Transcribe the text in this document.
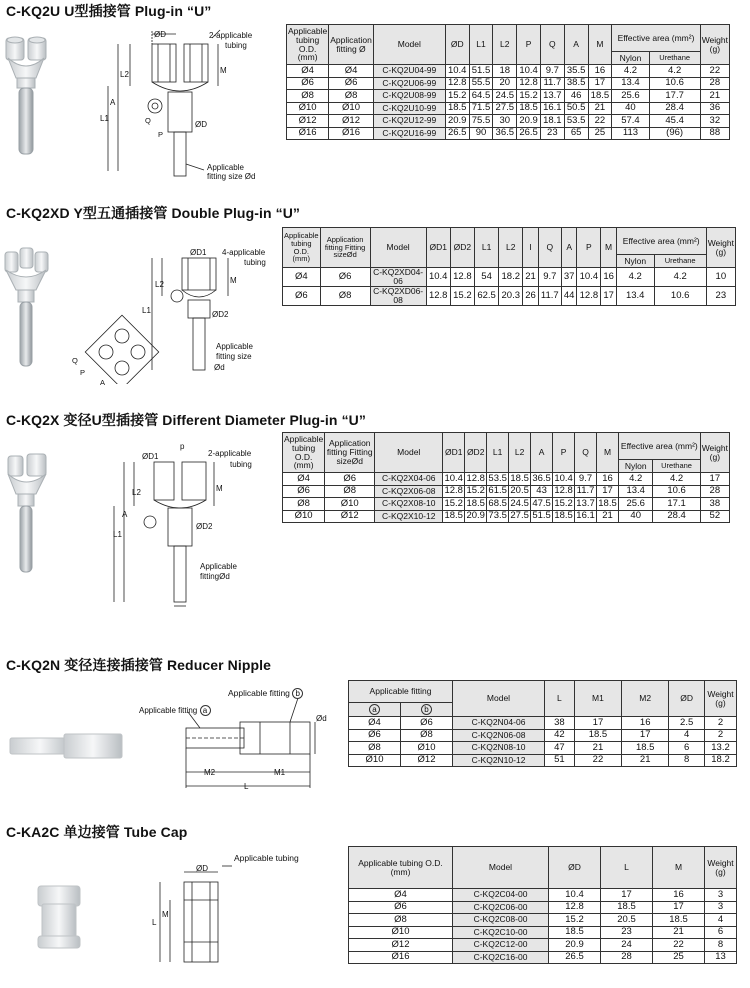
C-KQ2U U型插接管 Plug-in “U”
ØD	2-applicable
tubing
L2
A
L1
M
Q	ØD
P
Applicable
fitting size Ød
Applicable tubing O.D. (mm)	Application fitting Ø	Model	ØD	L1	L2	P	Q	A	M	Effective area (mm²)		Weight (g)
										Nylon	Urethane	
Ø4	Ø4	C-KQ2U04-99	10.4	51.5	18	10.4	9.7	35.5	16	4.2	4.2	22
Ø6	Ø6	C-KQ2U06-99	12.8	55.5	20	12.8	11.7	38.5	17	13.4	10.6	28
Ø8	Ø8	C-KQ2U08-99	15.2	64.5	24.5	15.2	13.7	46	18.5	25.6	17.7	21
Ø10	Ø10	C-KQ2U10-99	18.5	71.5	27.5	18.5	16.1	50.5	21	40	28.4	36
Ø12	Ø12	C-KQ2U12-99	20.9	75.5	30	20.9	18.1	53.5	22	57.4	45.4	32
Ø16	Ø16	C-KQ2U16-99	26.5	90	36.5	26.5	23	65	25	113	(96)	88
C-KQ2XD Y型五通插接管 Double Plug-in “U”
ØD1 4-applicable
tubing
L2
L1
M
ØD2
Applicable
fitting size
Ød
Q
P
A
Applicable tubing O.D. (mm)	Application fitting Fitting sizeØd	Model	ØD1	ØD2	L1	L2	I	Q	A	P	M	Effective area (mm²)		Weight (g)
												Nylon	Urethane	
Ø4	Ø6	C-KQ2XD04-06	10.4	12.8	54	18.2	21	9.7	37	10.4	16	4.2	4.2	10
Ø6	Ø8	C-KQ2XD06-08	12.8	15.2	62.5	20.3	26	11.7	44	12.8	17	13.4	10.6	23
C-KQ2X 变径U型插接管 Different Diameter Plug-in “U”
ØD1
p
2-applicable
tubing
L2
A
L1
M
ØD2
Applicable
fittingØd
Applicable tubing O.D. (mm)	Application fitting Fitting sizeØd	Model	ØD1	ØD2	L1	L2	A	P	Q	M	Effective area (mm²)		Weight (g)
											Nylon	Urethane	
Ø4	Ø6	C-KQ2X04-06	10.4	12.8	53.5	18.5	36.5	10.4	9.7	16	4.2	4.2	17
Ø6	Ø8	C-KQ2X06-08	12.8	15.2	61.5	20.5	43	12.8	11.7	17	13.4	10.6	28
Ø8	Ø10	C-KQ2X08-10	15.2	18.5	68.5	24.5	47.5	15.2	13.7	18.5	25.6	17.1	38
Ø10	Ø12	C-KQ2X10-12	18.5	20.9	73.5	27.5	51.5	18.5	16.1	21	40	28.4	52
C-KQ2N 变径连接插接管 Reducer Nipple
Applicable fitting b
Applicable fitting a
Ød
M2	M1
L
Applicable fitting		Model	L	M1	M2	ØD	Weight (g)
a	b						
Ø4	Ø6	C-KQ2N04-06	38	17	16	2.5	2
Ø6	Ø8	C-KQ2N06-08	42	18.5	17	4	2
Ø8	Ø10	C-KQ2N08-10	47	21	18.5	6	13.2
Ø10	Ø12	C-KQ2N10-12	51	22	21	8	18.2
C-KA2C 单边接管 Tube Cap
ØD
Applicable tubing
L
M
Applicable tubing O.D. (mm)	Model	ØD	L	M	Weight (g)
Ø4	C-KQ2C04-00	10.4	17	16	3
Ø6	C-KQ2C06-00	12.8	18.5	17	3
Ø8	C-KQ2C08-00	15.2	20.5	18.5	4
Ø10	C-KQ2C10-00	18.5	23	21	6
Ø12	C-KQ2C12-00	20.9	24	22	8
Ø16	C-KQ2C16-00	26.5	28	25	13
